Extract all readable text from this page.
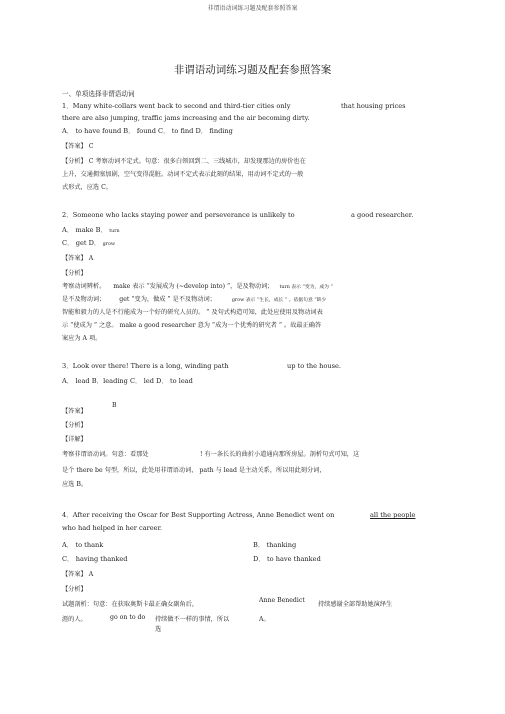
非谓语动词练习题及配套参照答案
非谓语动词练习题及配套参照答案
一、单项选择非谓语动词
1．Many white-collars went back to second and third-tier cities only	that housing prices
there are also jumping, traffic jams increasing and the air becoming dirty.
A． to have found B． found C． to find D． finding
【答案】 C
【分析】 C 考察动词不定式。句意：很多白领回到二、三线城市，却发现那边的房价也在
上升，交通拥塞加剧，空气变得混脏。动词不定式表示此刻的结果，用动词不定式的一般
式形式，应选 C。
2．Someone who lacks staying power and perseverance is unlikely to	a good researcher.
A． make B． turn
C． get D． grow
【答案】 A
【分析】
考察动词辨析。 make 表示 “发展成为 (~develop into) ”，是及物动词； turn 表示 “变为，成为 ”
是不及物动词； get “变为，做成 ” 是不及物动词；	grow 表示 “生长，成长 ” 。依据句意 “缺少
智能和毅力的人是不行能成为一个好的研究人员的。 ” 及句式构造可知，此处应使用及物动词表
示 “使成为 ” 之意。 make a good researcher 意为 “成为一个优秀的研究者 ” 。故最正确答
案应为 A 项。
3．Look over there! There is a long, winding path	up to the house.
A． lead B．leading C． led D． to lead
【答案】
B
【分析】
【详解】
考察非谓语动词。句意：看那处	! 有一条长长的曲折小道通向那所房屋。剖析句式可知，这
是个 there be 句型，所以，此处用非谓语动词， path 与 lead 是主动关系，所以用此刻分词，
应选 B。
4．After receiving the Oscar for Best Supporting Actress, Anne Benedict went on	all the people
who had helped in her career.
A． to thank	B． thanking
C． having thanked	D． to have thanked
【答案】 A
【分析】
试题剖析：句意：在获取奥斯卡最正确女副角后，
Anne Benedict
持续感谢全部帮助她演绎生
涯的人。	go on to do 持续做不一样的事情，所以	A。
选
